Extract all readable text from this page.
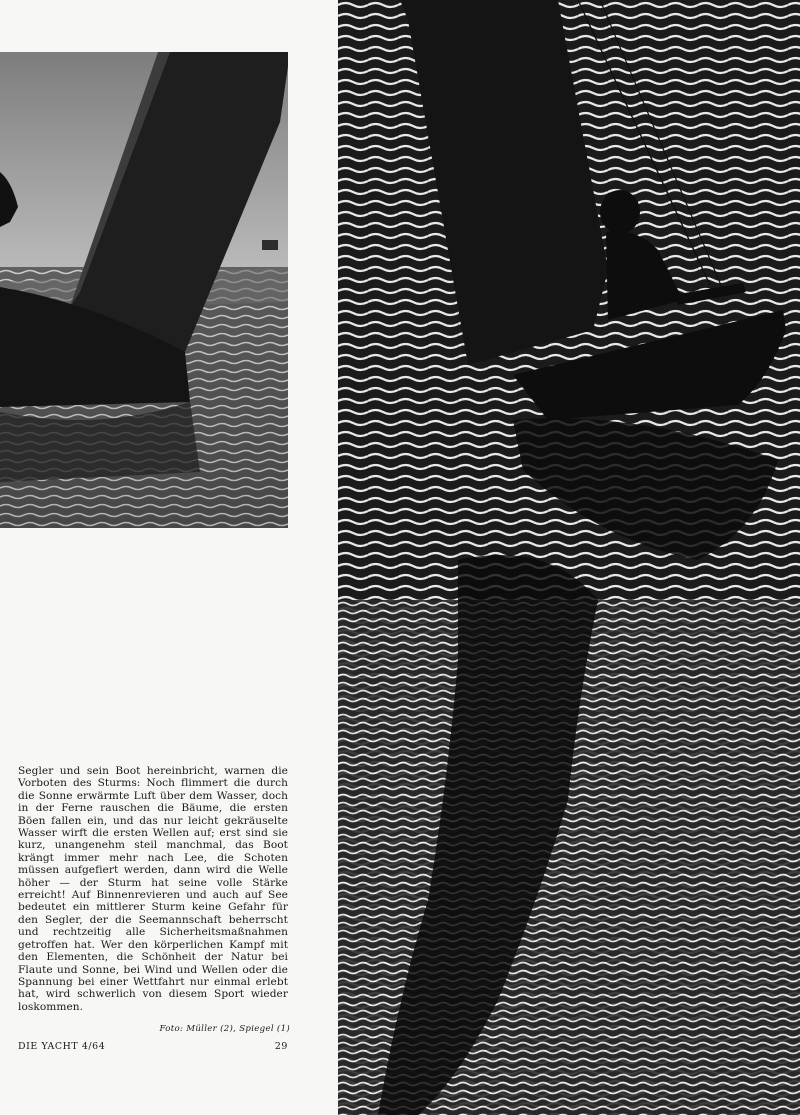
Segler und sein Boot hereinbricht, warnen die Vorboten des Sturms: Noch flimmert die durch die Sonne erwärmte Luft über dem Wasser, doch in der Ferne rauschen die Bäume, die ersten Böen fallen ein, und das nur leicht gekräuselte Wasser wirft die ersten Wellen auf; erst sind sie kurz, unangenehm steil manchmal, das Boot krängt immer mehr nach Lee, die Schoten müssen aufgefiert werden, dann wird die Welle höher — der Sturm hat seine volle Stärke erreicht! Auf Binnenrevieren und auch auf See bedeutet ein mittlerer Sturm keine Gefahr für den Segler, der die Seemannschaft beherrscht und rechtzeitig alle Sicherheitsmaßnahmen getroffen hat. Wer den körperlichen Kampf mit den Elementen, die Schönheit der Natur bei Flaute und Sonne, bei Wind und Wellen oder die Spannung bei einer Wettfahrt nur einmal erlebt hat, wird schwerlich von diesem Sport wieder loskommen.
Foto: Müller (2), Spiegel (1)
DIE YACHT 4/64	29
